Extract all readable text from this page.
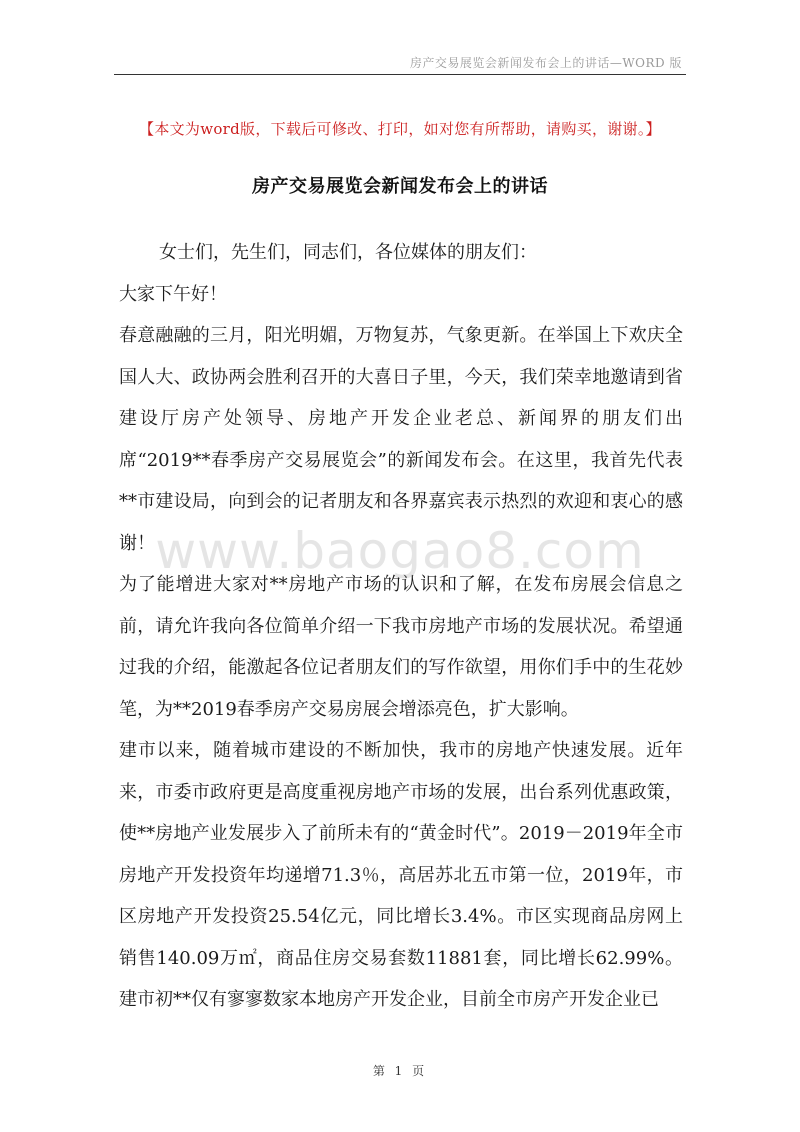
房产交易展览会新闻发布会上的讲话—WORD 版
【本文为word版，下载后可修改、打印，如对您有所帮助，请购买，谢谢。】
房产交易展览会新闻发布会上的讲话

女士们，先生们，同志们，各位媒体的朋友们：

大家下午好！

春意融融的三月，阳光明媚，万物复苏，气象更新。在举国上下欢庆全国人大、政协两会胜利召开的大喜日子里，今天，我们荣幸地邀请到省建设厅房产处领导、房地产开发企业老总、新闻界的朋友们出席“2019**春季房产交易展览会”的新闻发布会。在这里，我首先代表**市建设局，向到会的记者朋友和各界嘉宾表示热烈的欢迎和衷心的感谢！

为了能增进大家对**房地产市场的认识和了解，在发布房展会信息之前，请允许我向各位简单介绍一下我市房地产市场的发展状况。希望通过我的介绍，能激起各位记者朋友们的写作欲望，用你们手中的生花妙笔，为**2019春季房产交易房展会增添亮色，扩大影响。

建市以来，随着城市建设的不断加快，我市的房地产快速发展。近年来，市委市政府更是高度重视房地产市场的发展，出台系列优惠政策，使**房地产业发展步入了前所未有的“黄金时代”。2019－2019年全市房地产开发投资年均递增71.3％，高居苏北五市第一位，2019年，市区房地产开发投资25.54亿元，同比增长3.4%。市区实现商品房网上销售140.09万㎡，商品住房交易套数11881套，同比增长62.99%。建市初**仅有寥寥数家本地房产开发企业，目前全市房产开发企业已

www.baogao8.com
第 1 页
